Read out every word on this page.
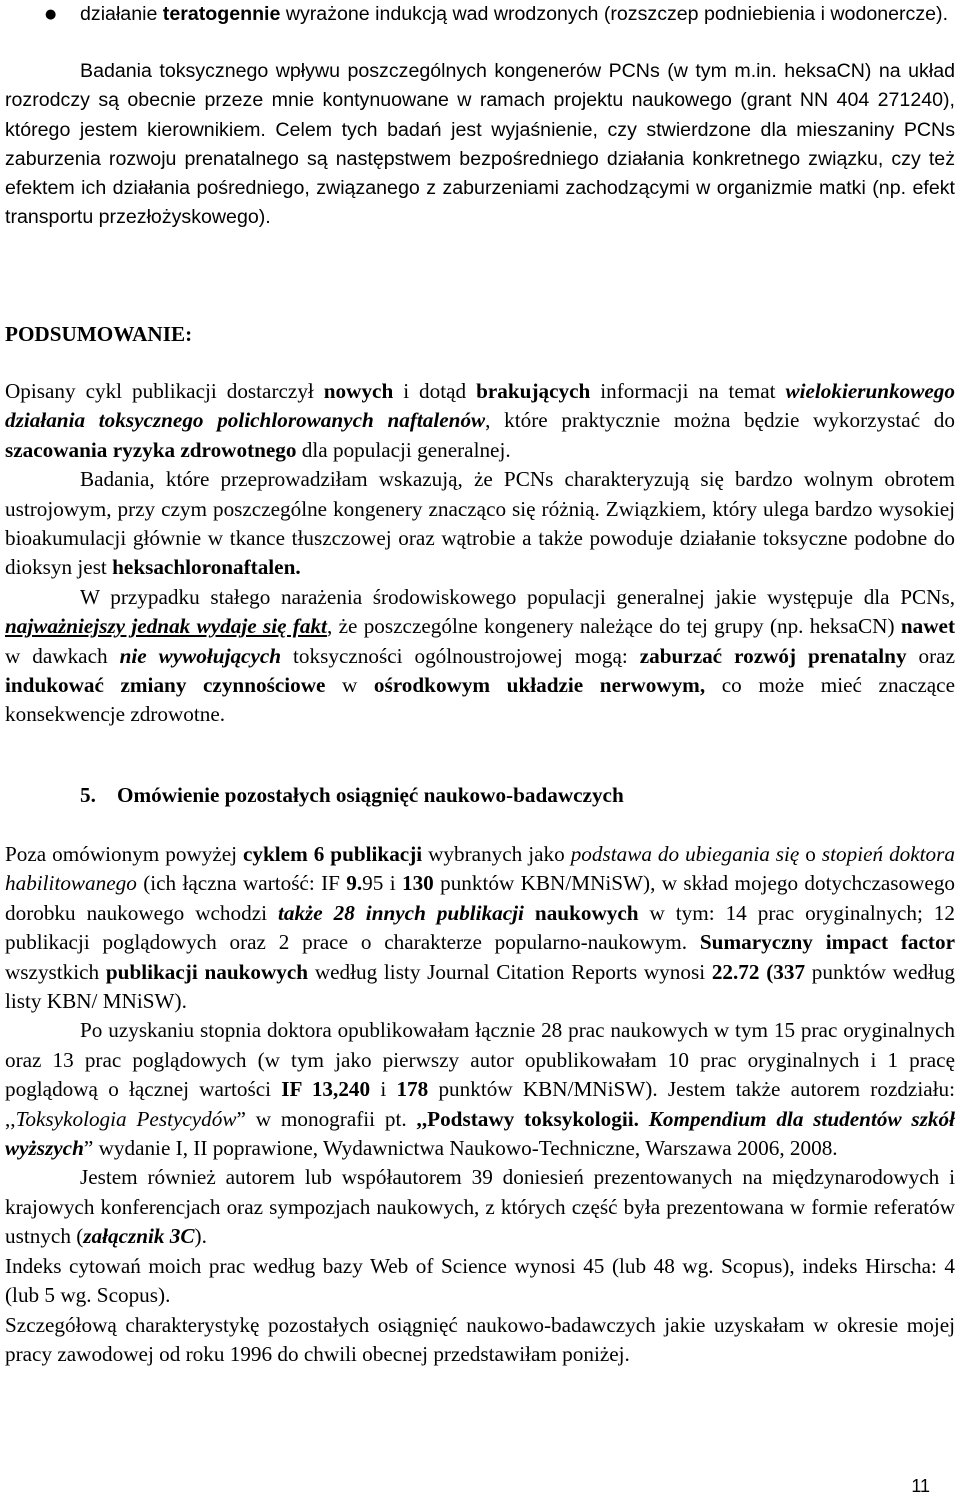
● działanie teratogennie wyrażone indukcją wad wrodzonych (rozszczep podniebienia i wodonercze).

Badania toksycznego wpływu poszczególnych kongenerów PCNs (w tym m.in. heksaCN) na układ rozrodczy są obecnie przeze mnie kontynuowane w ramach projektu naukowego (grant NN 404 271240), którego jestem kierownikiem. Celem tych badań jest wyjaśnienie, czy stwierdzone dla mieszaniny PCNs zaburzenia rozwoju prenatalnego są następstwem bezpośredniego działania konkretnego związku, czy też efektem ich działania pośredniego, związanego z zaburzeniami zachodzącymi w organizmie matki (np. efekt transportu przezłożyskowego).

PODSUMOWANIE:

Opisany cykl publikacji dostarczył nowych i dotąd brakujących informacji na temat wielokierunkowego działania toksycznego polichlorowanych naftalenów, które praktycznie można będzie wykorzystać do szacowania ryzyka zdrowotnego dla populacji generalnej.

Badania, które przeprowadziłam wskazują, że PCNs charakteryzują się bardzo wolnym obrotem ustrojowym, przy czym poszczególne kongenery znacząco się różnią. Związkiem, który ulega bardzo wysokiej bioakumulacji głównie w tkance tłuszczowej oraz wątrobie a także powoduje działanie toksyczne podobne do dioksyn jest heksachloronaftalen.

W przypadku stałego narażenia środowiskowego populacji generalnej jakie występuje dla PCNs, najważniejszy jednak wydaje się fakt, że poszczególne kongenery należące do tej grupy (np. heksaCN) nawet w dawkach nie wywołujących toksyczności ogólnoustrojowej mogą: zaburzać rozwój prenatalny oraz indukować zmiany czynnościowe w ośrodkowym układzie nerwowym, co może mieć znaczące konsekwencje zdrowotne.

5. Omówienie pozostałych osiągnięć naukowo-badawczych

Poza omówionym powyżej cyklem 6 publikacji wybranych jako podstawa do ubiegania się o stopień doktora habilitowanego (ich łączna wartość: IF 9.95 i 130 punktów KBN/MNiSW), w skład mojego dotychczasowego dorobku naukowego wchodzi także 28 innych publikacji naukowych w tym: 14 prac oryginalnych; 12 publikacji poglądowych oraz 2 prace o charakterze popularno-naukowym. Sumaryczny impact factor wszystkich publikacji naukowych według listy Journal Citation Reports wynosi 22.72 (337 punktów według listy KBN/ MNiSW).

Po uzyskaniu stopnia doktora opublikowałam łącznie 28 prac naukowych w tym 15 prac oryginalnych oraz 13 prac poglądowych (w tym jako pierwszy autor opublikowałam 10 prac oryginalnych i 1 pracę poglądową o łącznej wartości IF 13,240 i 178 punktów KBN/MNiSW). Jestem także autorem rozdziału: ,,Toksykologia Pestycydów” w monografii pt. ,,Podstawy toksykologii. Kompendium dla studentów szkół wyższych” wydanie I, II poprawione, Wydawnictwa Naukowo-Techniczne, Warszawa 2006, 2008.

Jestem również autorem lub współautorem 39 doniesień prezentowanych na międzynarodowych i krajowych konferencjach oraz sympozjach naukowych, z których część była prezentowana w formie referatów ustnych (załącznik 3C).

Indeks cytowań moich prac według bazy Web of Science wynosi 45 (lub 48 wg. Scopus), indeks Hirscha: 4 (lub 5 wg. Scopus).

Szczegółową charakterystykę pozostałych osiągnięć naukowo-badawczych jakie uzyskałam w okresie mojej pracy zawodowej od roku 1996 do chwili obecnej przedstawiłam poniżej.

11
